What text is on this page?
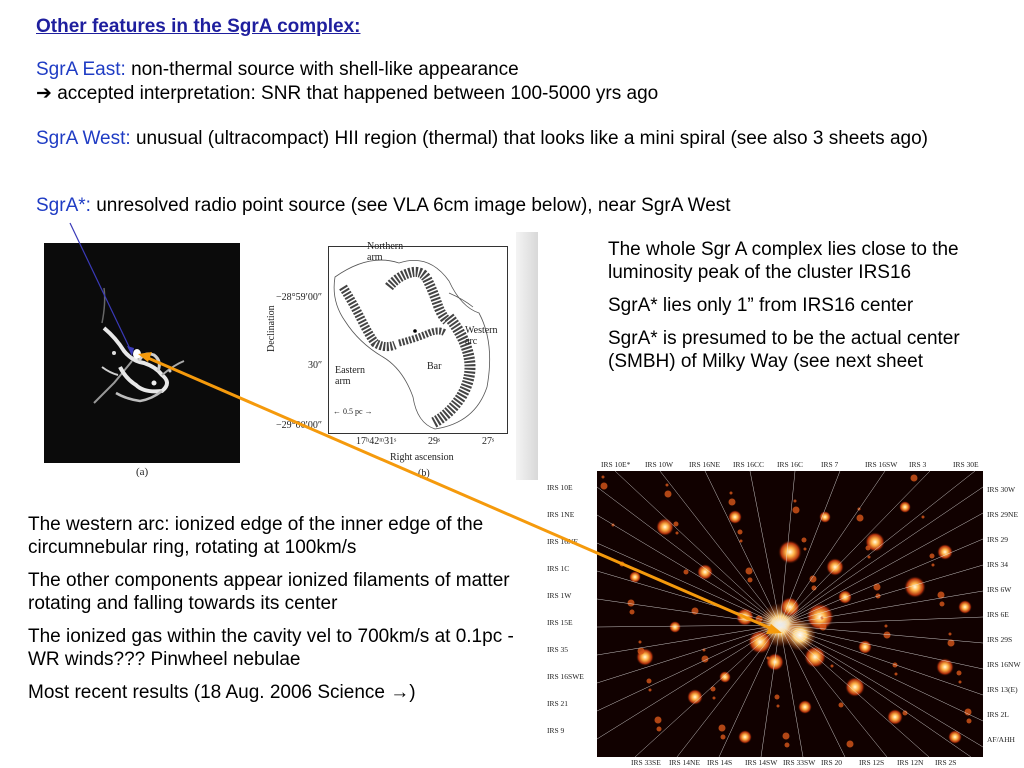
Other features in the SgrA complex:
SgrA East: non-thermal source with shell-like appearance
➔ accepted interpretation: SNR that happened between 100-5000 yrs ago
SgrA West: unusual (ultracompact) HII region (thermal) that looks like a mini spiral (see also 3 sheets ago)
SgrA*: unresolved radio point source (see VLA 6cm image below), near SgrA West
(a)
Northern arm
Western arc
Eastern arm
Bar
← 0.5 pc →
Declination
−28°59′00″
30″
−29°00′00″
17ʰ42ᵐ31ˢ	29ˢ	27ˢ
Right ascension
(b)

The whole Sgr A complex lies close to the luminosity peak of the cluster IRS16

SgrA* lies only 1” from IRS16 center

SgrA* is presumed to be the actual center (SMBH) of Milky Way (see next sheet

The western arc: ionized edge of the inner edge of the circumnebular ring, rotating at 100km/s

The other components appear ionized filaments of matter rotating and falling towards its center

The ionized gas within the cavity vel to 700km/s at 0.1pc - WR winds??? Pinwheel nebulae

Most recent results (18 Aug. 2006 Science →)

IRS 10E* IRS 10W IRS 16NE IRS 16CC IRS 16C IRS 7	IRS 16SW IRS 3	IRS 30E
IRS 10E
IRS 1NE
IRS 16NE
IRS 1C
IRS 1W
IRS 15E
IRS 35
IRS 16SWE
IRS 21
IRS 9
IRS 30W
IRS 29NE
IRS 29
IRS 34
IRS 6W
IRS 6E
IRS 29S
IRS 16NW
IRS 13(E)
IRS 2L
AF/AHH
IRS 33SE IRS 14NE IRS 14S IRS 14SW IRS 33SW IRS 20 IRS 12S IRS 12N IRS 2S
